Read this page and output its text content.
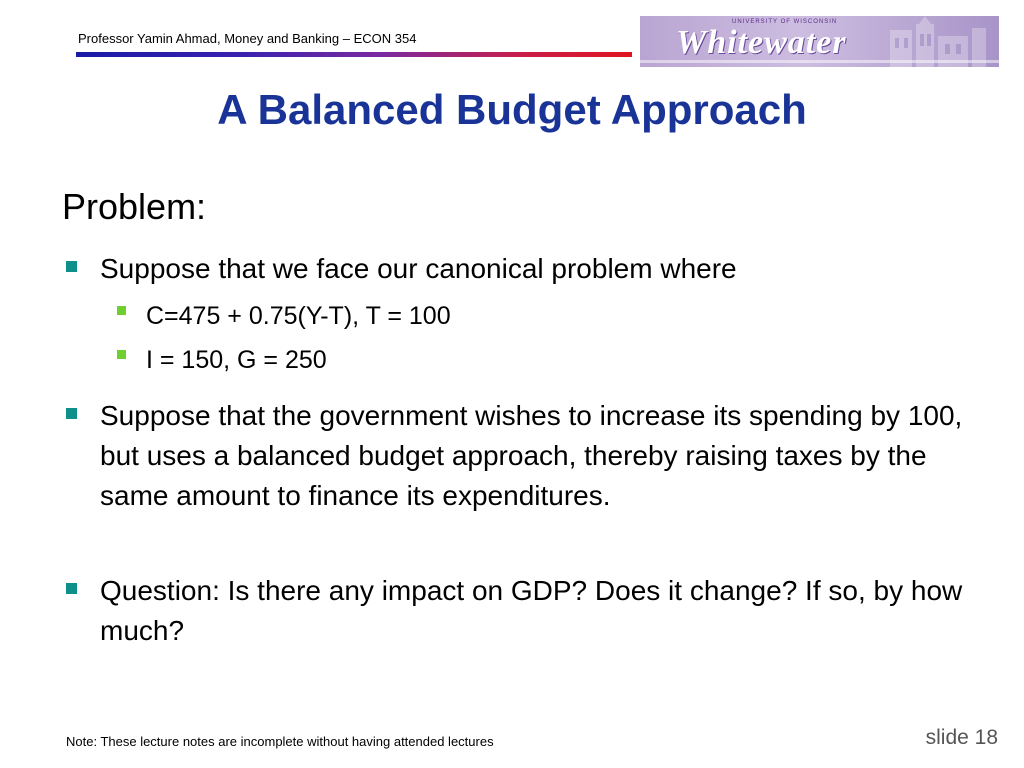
Professor Yamin Ahmad, Money and Banking – ECON 354
UNIVERSITY OF WISCONSIN
Whitewater
A Balanced Budget Approach
Problem:
Suppose that we face our canonical problem where
C=475 + 0.75(Y-T), T = 100
I = 150, G = 250
Suppose that the government wishes to increase its spending by 100, but uses a balanced budget approach, thereby raising taxes by the same amount to finance its expenditures.
Question: Is there any impact on GDP? Does it change? If so, by how much?
Note: These lecture notes are incomplete without having attended lectures	slide 18
